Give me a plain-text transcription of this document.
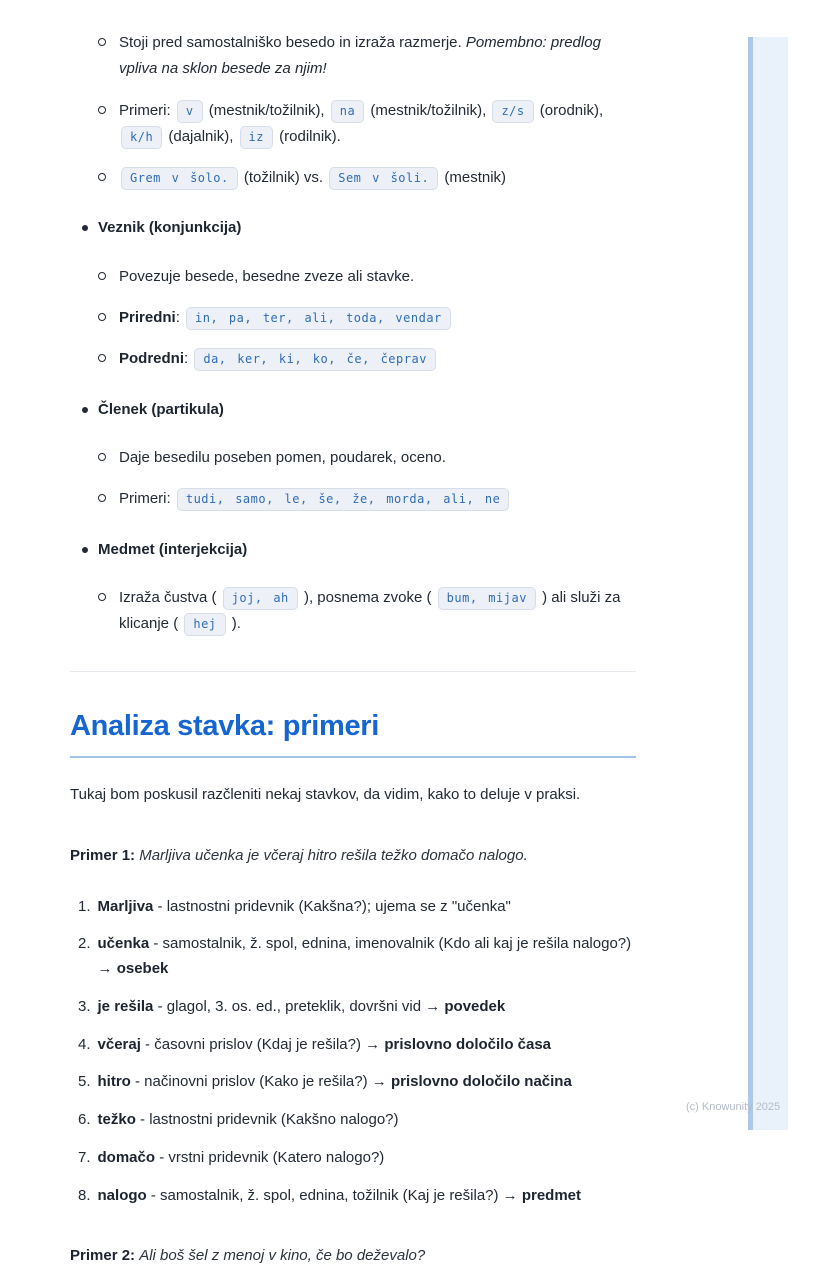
Stoji pred samostalniško besedo in izraža razmerje. Pomembno: predlog vpliva na sklon besede za njim!
Primeri: v (mestnik/tožilnik), na (mestnik/tožilnik), z/s (orodnik), k/h (dajalnik), iz (rodilnik).
Grem v šolo. (tožilnik) vs. Sem v šoli. (mestnik)
Veznik (konjunkcija)
Povezuje besede, besedne zveze ali stavke.
Priredni: in, pa, ter, ali, toda, vendar
Podredni: da, ker, ki, ko, če, čeprav
Členek (partikula)
Daje besedilu poseben pomen, poudarek, oceno.
Primeri: tudi, samo, le, še, že, morda, ali, ne
Medmet (interjekcija)
Izraža čustva ( joj, ah ), posnema zvoke ( bum, mijav ) ali služi za klicanje ( hej ).
Analiza stavka: primeri

Tukaj bom poskusil razčleniti nekaj stavkov, da vidim, kako to deluje v praksi.

Primer 1: Marljiva učenka je včeraj hitro rešila težko domačo nalogo.

1. Marljiva - lastnostni pridevnik (Kakšna?); ujema se z "učenka"
2. učenka - samostalnik, ž. spol, ednina, imenovalnik (Kdo ali kaj je rešila nalogo?) → osebek
3. je rešila - glagol, 3. os. ed., preteklik, dovršni vid → povedek
4. včeraj - časovni prislov (Kdaj je rešila?) → prislovno določilo časa
5. hitro - načinovni prislov (Kako je rešila?) → prislovno določilo načina
6. težko - lastnostni pridevnik (Kakšno nalogo?)
7. domačo - vrstni pridevnik (Katero nalogo?)
8. nalogo - samostalnik, ž. spol, ednina, tožilnik (Kaj je rešila?) → predmet

Primer 2: Ali boš šel z menoj v kino, če bo deževalo?

(c) Knowunity 2025
